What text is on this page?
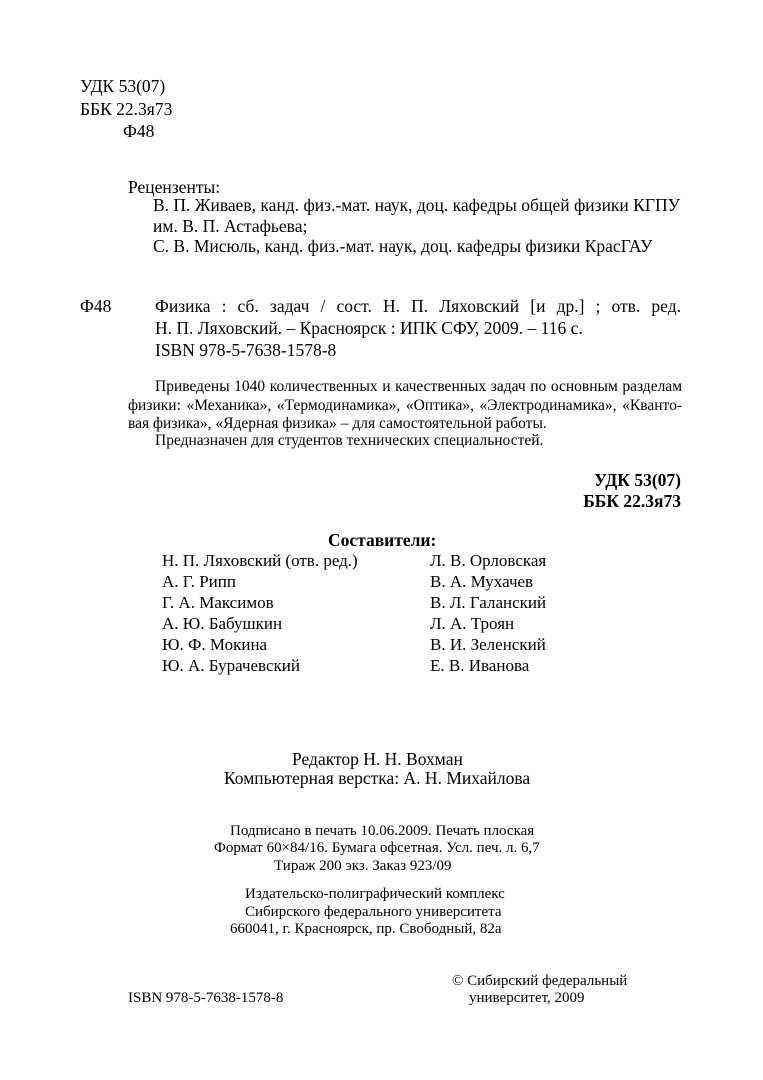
УДК 53(07)
ББК 22.3я73
Ф48
Рецензенты:
В. П. Живаев, канд. физ.-мат. наук, доц. кафедры общей физики КГПУ
им. В. П. Астафьева;
С. В. Мисюль, канд. физ.-мат. наук, доц. кафедры физики КрасГАУ
Ф48 Физика : сб. задач / сост. Н. П. Ляховский [и др.] ; отв. ред.
Н. П. Ляховский. – Красноярск : ИПК СФУ, 2009. – 116 с.
ISBN 978-5-7638-1578-8
Приведены 1040 количественных и качественных задач по основным разделам
физики: «Механика», «Термодинамика», «Оптика», «Электродинамика», «Кванто-
вая физика», «Ядерная физика» – для самостоятельной работы.
Предназначен для студентов технических специальностей.
УДК 53(07)
ББК 22.3я73
Составители:
Н. П. Ляховский (отв. ред.)
А. Г. Рипп
Г. А. Максимов
А. Ю. Бабушкин
Ю. Ф. Мокина
Ю. А. Бурачевский
Л. В. Орловская
В. А. Мухачев
В. Л. Галанский
Л. А. Троян
В. И. Зеленский
Е. В. Иванова
Редактор Н. Н. Вохман
Компьютерная верстка: А. Н. Михайлова
Подписано в печать 10.06.2009. Печать плоская
Формат 60×84/16. Бумага офсетная. Усл. печ. л. 6,7
Тираж 200 экз. Заказ 923/09
Издательско-полиграфический комплекс
Сибирского федерального университета
660041, г. Красноярск, пр. Свободный, 82а
© Сибирский федеральный
ISBN 978-5-7638-1578-8	университет, 2009
